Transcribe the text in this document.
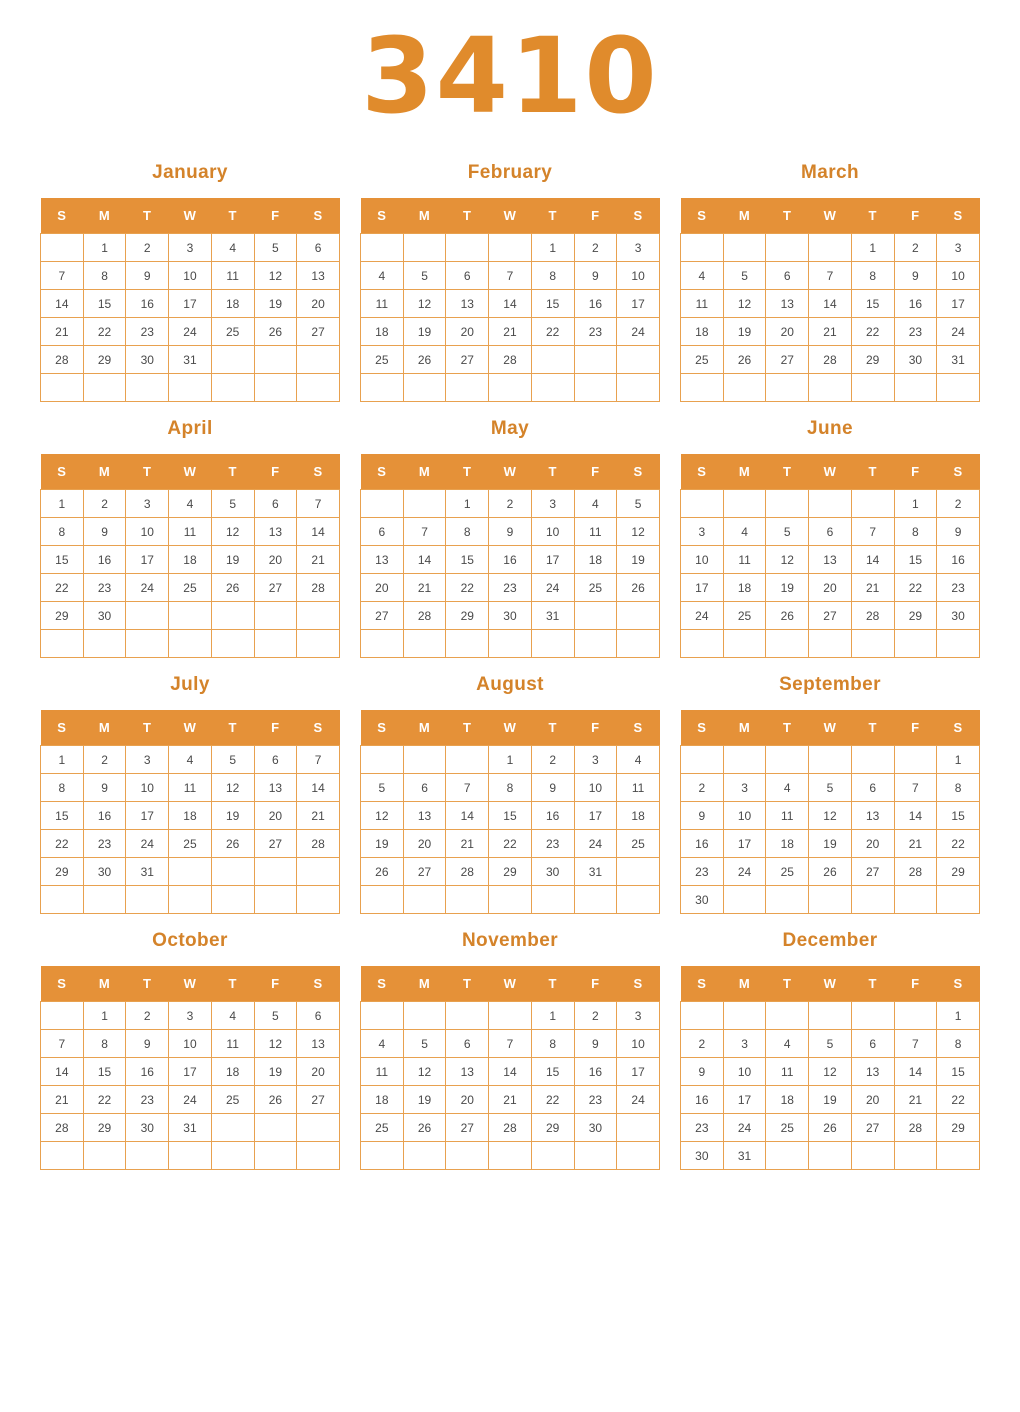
3410
January
S	M	T	W	T	F	S
	1	2	3	4	5	6
7	8	9	10	11	12	13
14	15	16	17	18	19	20
21	22	23	24	25	26	27
28	29	30	31			

February
S	M	T	W	T	F	S
				1	2	3
4	5	6	7	8	9	10
11	12	13	14	15	16	17
18	19	20	21	22	23	24
25	26	27	28			

March
S	M	T	W	T	F	S
				1	2	3
4	5	6	7	8	9	10
11	12	13	14	15	16	17
18	19	20	21	22	23	24
25	26	27	28	29	30	31

April
S	M	T	W	T	F	S
1	2	3	4	5	6	7
8	9	10	11	12	13	14
15	16	17	18	19	20	21
22	23	24	25	26	27	28
29	30					

May
S	M	T	W	T	F	S
		1	2	3	4	5
6	7	8	9	10	11	12
13	14	15	16	17	18	19
20	21	22	23	24	25	26
27	28	29	30	31		

June
S	M	T	W	T	F	S
					1	2
3	4	5	6	7	8	9
10	11	12	13	14	15	16
17	18	19	20	21	22	23
24	25	26	27	28	29	30

July
S	M	T	W	T	F	S
1	2	3	4	5	6	7
8	9	10	11	12	13	14
15	16	17	18	19	20	21
22	23	24	25	26	27	28
29	30	31				

August
S	M	T	W	T	F	S
			1	2	3	4
5	6	7	8	9	10	11
12	13	14	15	16	17	18
19	20	21	22	23	24	25
26	27	28	29	30	31	

September
S	M	T	W	T	F	S
						1
2	3	4	5	6	7	8
9	10	11	12	13	14	15
16	17	18	19	20	21	22
23	24	25	26	27	28	29
30						
October
S	M	T	W	T	F	S
	1	2	3	4	5	6
7	8	9	10	11	12	13
14	15	16	17	18	19	20
21	22	23	24	25	26	27
28	29	30	31			

November
S	M	T	W	T	F	S
				1	2	3
4	5	6	7	8	9	10
11	12	13	14	15	16	17
18	19	20	21	22	23	24
25	26	27	28	29	30	

December
S	M	T	W	T	F	S
						1
2	3	4	5	6	7	8
9	10	11	12	13	14	15
16	17	18	19	20	21	22
23	24	25	26	27	28	29
30	31					
